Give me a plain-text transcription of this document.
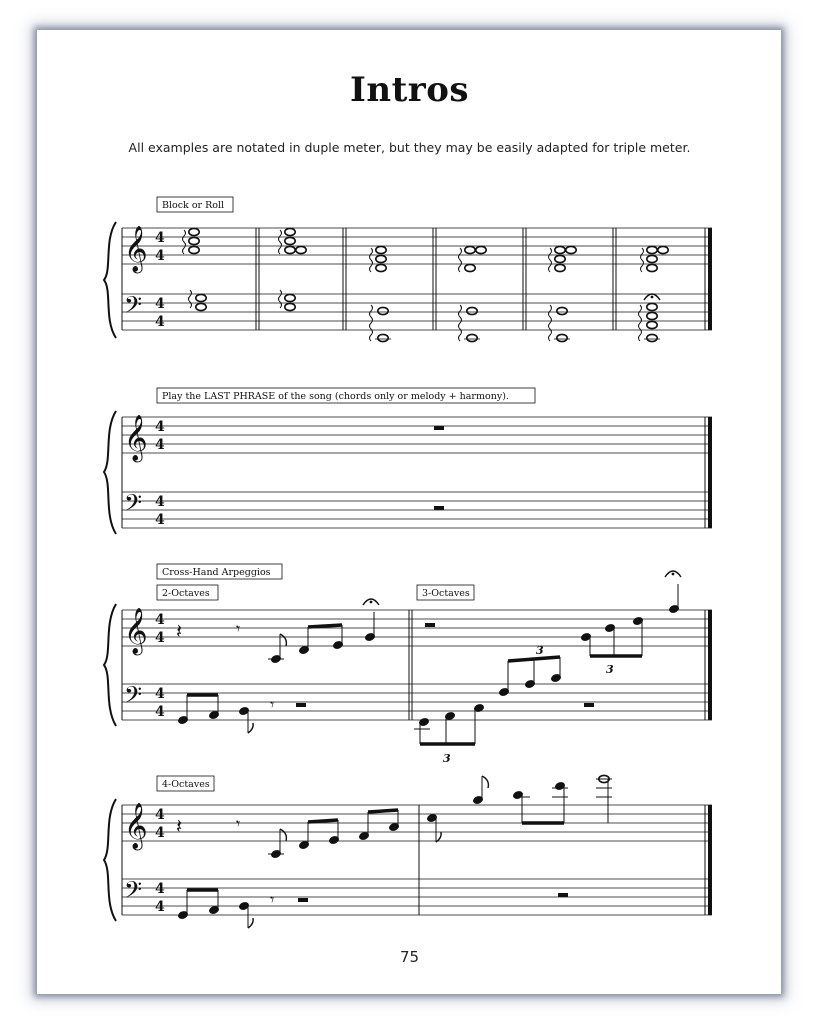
Intros
All examples are notated in duple meter, but they may be easily adapted for triple meter.
Block or Roll
𝄞
𝄢
4
4
4
4
Play the LAST PHRASE of the song (chords only or melody + harmony).
𝄞
𝄢
4
4
4
4
Cross-Hand Arpeggios
2-Octaves	3-Octaves
𝄞
𝄢
4
4
4
4
𝄽	𝄾
𝄾
3
3
3
4-Octaves
𝄞
𝄢
4
4
4
4
𝄽	𝄾
𝄾
75
